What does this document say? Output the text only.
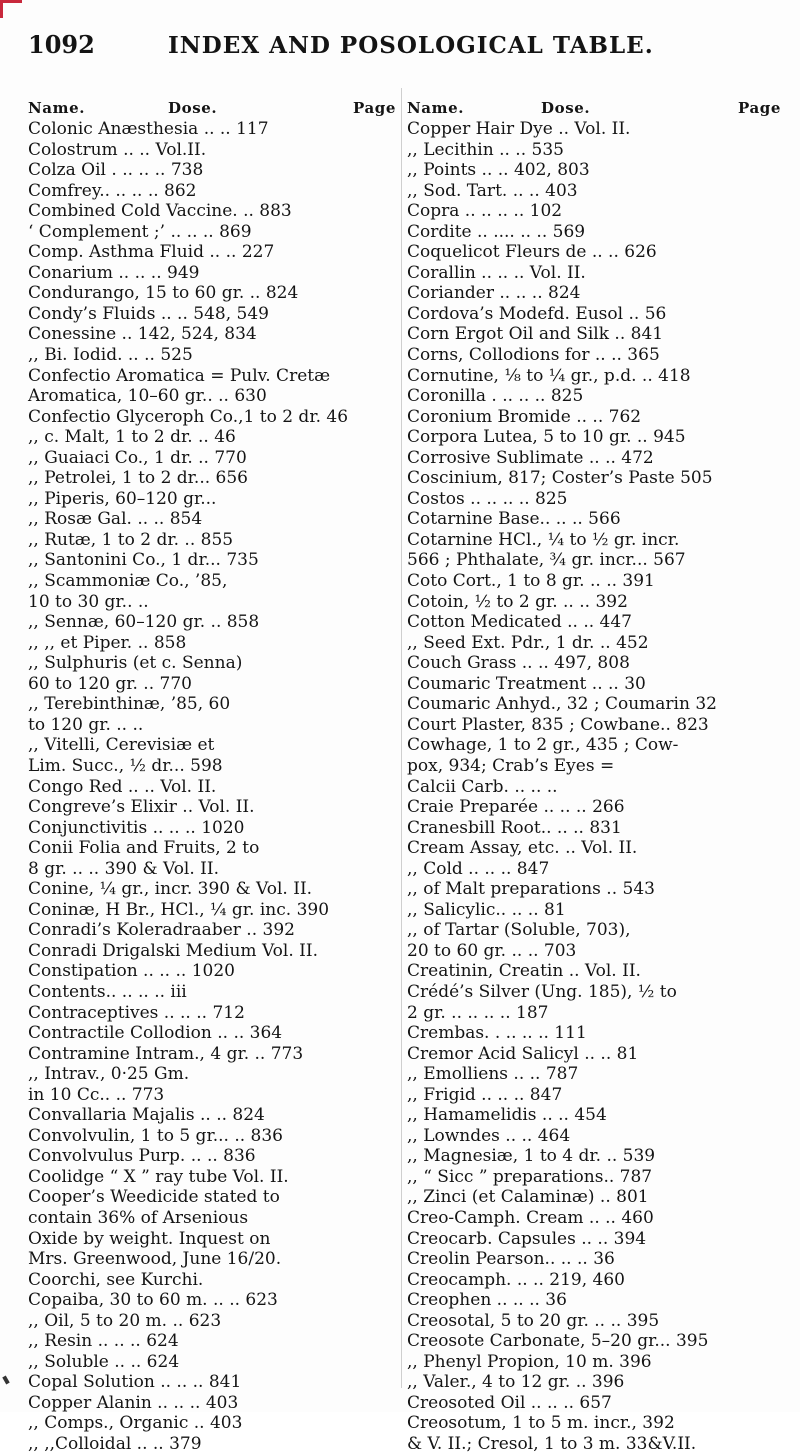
1092	INDEX AND POSOLOGICAL TABLE.
Name.	Dose.	Page
Colonic Anæsthesia .. .. 117
Colostrum .. .. Vol.II.
Colza Oil . .. .. .. 738
Comfrey.. .. .. .. 862
Combined Cold Vaccine. .. 883
‘ Complement ;’ .. .. .. 869
Comp. Asthma Fluid .. .. 227
Conarium .. .. .. 949
Condurango, 15 to 60 gr. .. 824
Condy’s Fluids .. .. 548, 549
Conessine .. 142, 524, 834
,, Bi. Iodid. .. .. 525
Confectio Aromatica = Pulv. Cretæ
Aromatica, 10–60 gr.. .. 630
Confectio Glyceroph Co.,1 to 2 dr. 46
,, c. Malt, 1 to 2 dr. .. 46
,, Guaiaci Co., 1 dr. .. 770
,, Petrolei, 1 to 2 dr... 656
,, Piperis, 60–120 gr...
,, Rosæ Gal. .. .. 854
,, Rutæ, 1 to 2 dr. .. 855
,, Santonini Co., 1 dr... 735
,, Scammoniæ Co., ’85,
10 to 30 gr.. ..
,, Sennæ, 60–120 gr. .. 858
,, ,, et Piper. .. 858
,, Sulphuris (et c. Senna)
60 to 120 gr. .. 770
,, Terebinthinæ, ’85, 60
to 120 gr. .. ..
,, Vitelli, Cerevisiæ et
Lim. Succ., ½ dr... 598
Congo Red .. .. Vol. II.
Congreve’s Elixir .. Vol. II.
Conjunctivitis .. .. .. 1020
Conii Folia and Fruits, 2 to
8 gr. .. .. 390 & Vol. II.
Conine, ¼ gr., incr. 390 & Vol. II.
Coninæ, H Br., HCl., ¼ gr. inc. 390
Conradi’s Koleradraaber .. 392
Conradi Drigalski Medium Vol. II.
Constipation .. .. .. 1020
Contents.. .. .. .. iii
Contraceptives .. .. .. 712
Contractile Collodion .. .. 364
Contramine Intram., 4 gr. .. 773
,, Intrav., 0·25 Gm.
in 10 Cc.. .. 773
Convallaria Majalis .. .. 824
Convolvulin, 1 to 5 gr... .. 836
Convolvulus Purp. .. .. 836
Coolidge “ X ” ray tube Vol. II.
Cooper’s Weedicide stated to
contain 36% of Arsenious
Oxide by weight. Inquest on
Mrs. Greenwood, June 16/20.
Coorchi, see Kurchi.
Copaiba, 30 to 60 m. .. .. 623
,, Oil, 5 to 20 m. .. 623
,, Resin .. .. .. 624
,, Soluble .. .. 624
Copal Solution .. .. .. 841
Copper Alanin .. .. .. 403
,, Comps., Organic .. 403
,, ,,Colloidal .. .. 379
Name.	Dose.	Page
Copper Hair Dye .. Vol. II.
,, Lecithin .. .. 535
,, Points .. .. 402, 803
,, Sod. Tart. .. .. 403
Copra .. .. .. .. 102
Cordite .. .... .. .. 569
Coquelicot Fleurs de .. .. 626
Corallin .. .. .. Vol. II.
Coriander .. .. .. 824
Cordova’s Modefd. Eusol .. 56
Corn Ergot Oil and Silk .. 841
Corns, Collodions for .. .. 365
Cornutine, ⅛ to ¼ gr., p.d. .. 418
Coronilla . .. .. .. 825
Coronium Bromide .. .. 762
Corpora Lutea, 5 to 10 gr. .. 945
Corrosive Sublimate .. .. 472
Coscinium, 817; Coster’s Paste 505
Costos .. .. .. .. 825
Cotarnine Base.. .. .. 566
Cotarnine HCl., ¼ to ½ gr. incr.
566 ; Phthalate, ¾ gr. incr... 567
Coto Cort., 1 to 8 gr. .. .. 391
Cotoin, ½ to 2 gr. .. .. 392
Cotton Medicated .. .. 447
,, Seed Ext. Pdr., 1 dr. .. 452
Couch Grass .. .. 497, 808
Coumaric Treatment .. .. 30
Coumaric Anhyd., 32 ; Coumarin 32
Court Plaster, 835 ; Cowbane.. 823
Cowhage, 1 to 2 gr., 435 ; Cow-
pox, 934; Crab’s Eyes =
Calcii Carb. .. .. ..
Craie Preparée .. .. .. 266
Cranesbill Root.. .. .. 831
Cream Assay, etc. .. Vol. II.
,, Cold .. .. .. 847
,, of Malt preparations .. 543
,, Salicylic.. .. .. 81
,, of Tartar (Soluble, 703),
20 to 60 gr. .. .. 703
Creatinin, Creatin .. Vol. II.
Crédé’s Silver (Ung. 185), ½ to
2 gr. .. .. .. .. 187
Crembas. . .. .. .. 111
Cremor Acid Salicyl .. .. 81
,, Emolliens .. .. 787
,, Frigid .. .. .. 847
,, Hamamelidis .. .. 454
,, Lowndes .. .. 464
,, Magnesiæ, 1 to 4 dr. .. 539
,, “ Sicc ” preparations.. 787
,, Zinci (et Calaminæ) .. 801
Creo-Camph. Cream .. .. 460
Creocarb. Capsules .. .. 394
Creolin Pearson.. .. .. 36
Creocamph. .. .. 219, 460
Creophen .. .. .. 36
Creosotal, 5 to 20 gr. .. .. 395
Creosote Carbonate, 5–20 gr... 395
,, Phenyl Propion, 10 m. 396
,, Valer., 4 to 12 gr. .. 396
Creosoted Oil .. .. .. 657
Creosotum, 1 to 5 m. incr., 392
& V. II.; Cresol, 1 to 3 m. 33&V.II.
